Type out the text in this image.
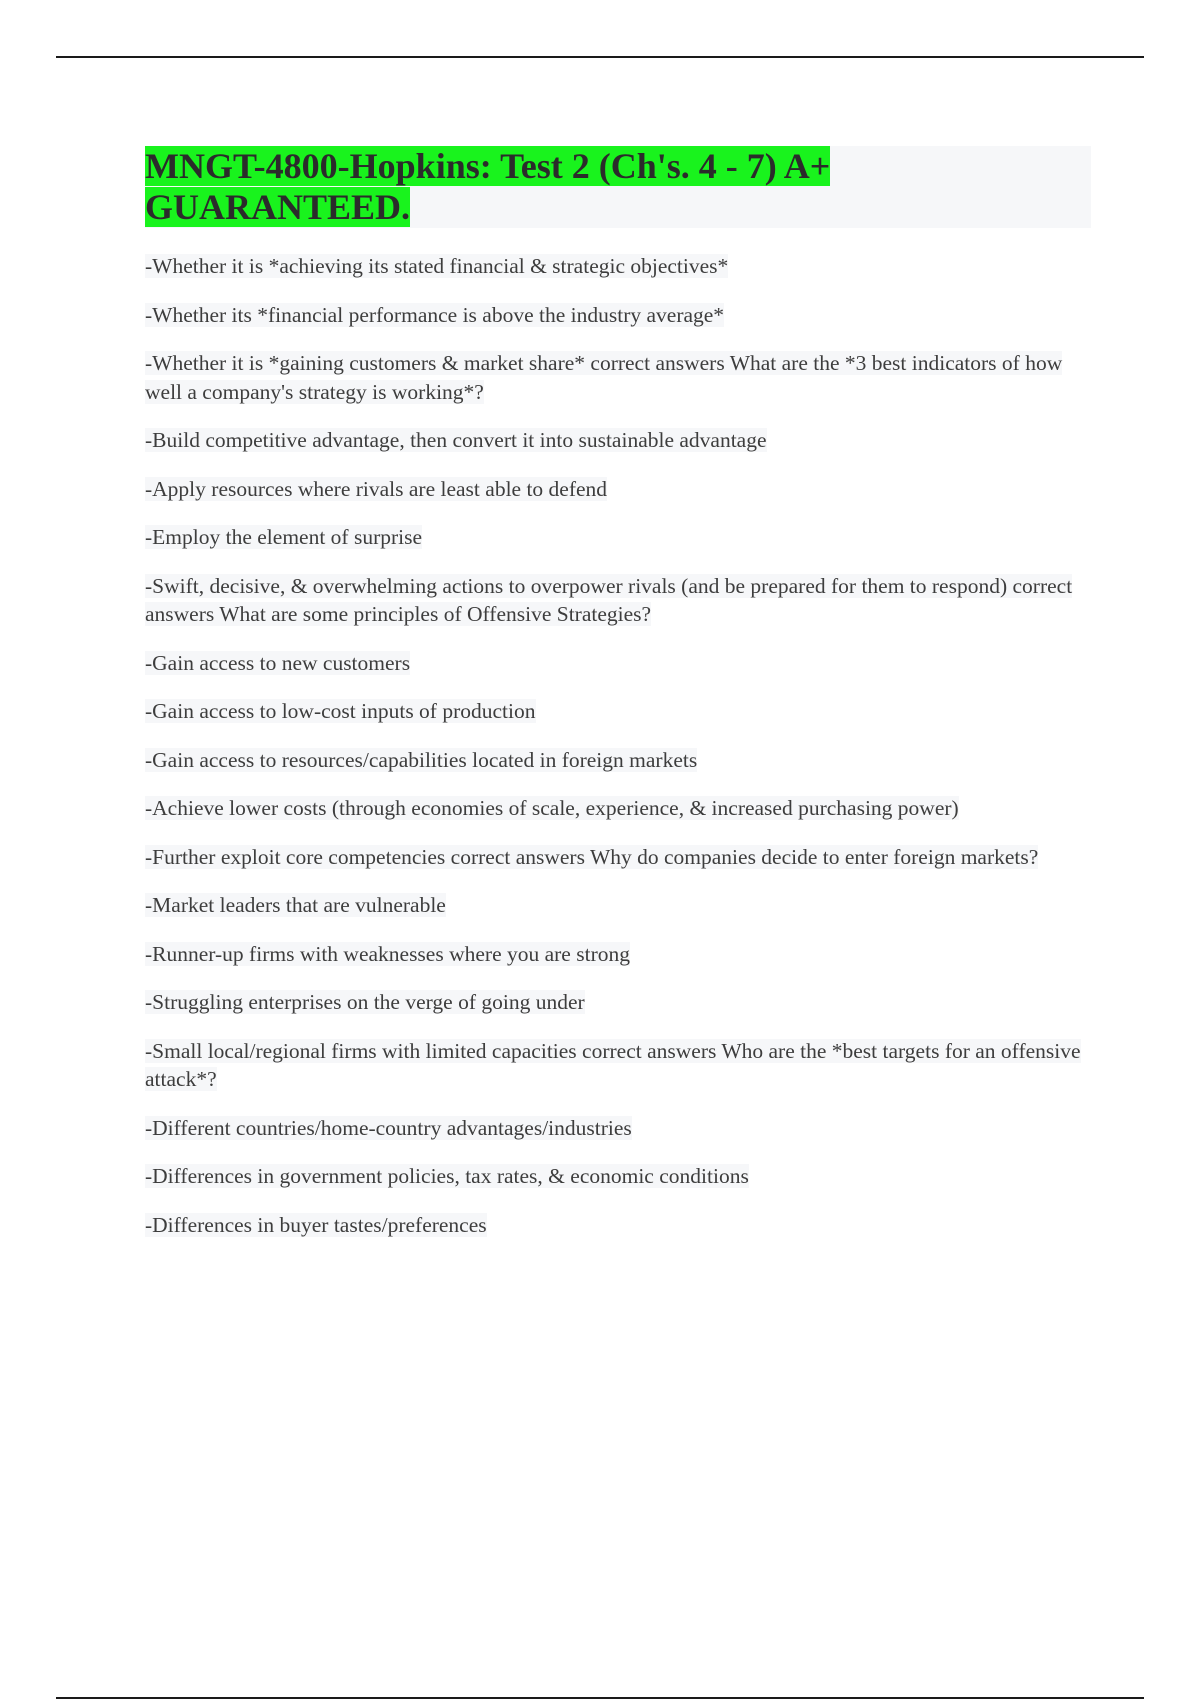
MNGT-4800-Hopkins: Test 2 (Ch's. 4 - 7) A+ GUARANTEED.

-Whether it is *achieving its stated financial & strategic objectives*

-Whether its *financial performance is above the industry average*

-Whether it is *gaining customers & market share* correct answers What are the *3 best indicators of how well a company's strategy is working*?

-Build competitive advantage, then convert it into sustainable advantage

-Apply resources where rivals are least able to defend

-Employ the element of surprise

-Swift, decisive, & overwhelming actions to overpower rivals (and be prepared for them to respond) correct answers What are some principles of Offensive Strategies?

-Gain access to new customers

-Gain access to low-cost inputs of production

-Gain access to resources/capabilities located in foreign markets

-Achieve lower costs (through economies of scale, experience, & increased purchasing power)

-Further exploit core competencies correct answers Why do companies decide to enter foreign markets?

-Market leaders that are vulnerable

-Runner-up firms with weaknesses where you are strong

-Struggling enterprises on the verge of going under

-Small local/regional firms with limited capacities correct answers Who are the *best targets for an offensive attack*?

-Different countries/home-country advantages/industries

-Differences in government policies, tax rates, & economic conditions

-Differences in buyer tastes/preferences
